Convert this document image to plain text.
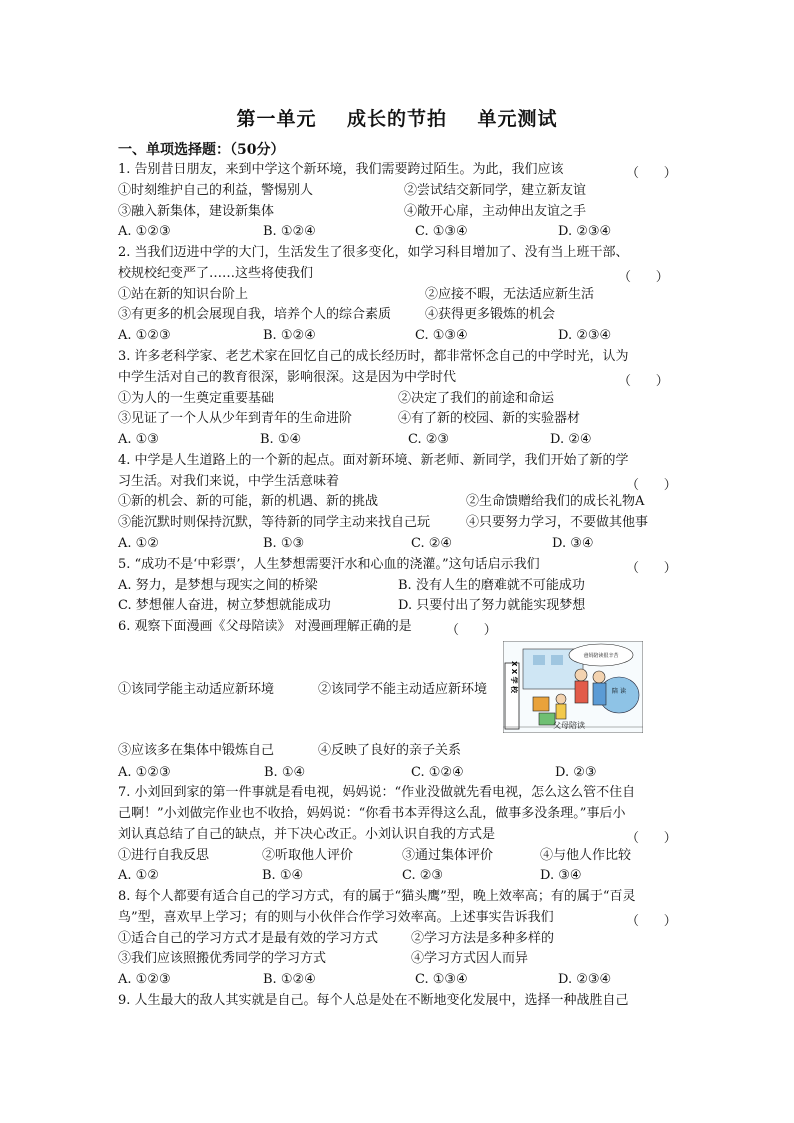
第一单元    成长的节拍    单元测试
一、单项选择题：（50分）
1. 告别昔日朋友，来到中学这个新环境，我们需要跨过陌生。为此，我们应该	（      ）
①时刻维护自己的利益，警惕别人	②尝试结交新同学，建立新友谊
③融入新集体，建设新集体	④敞开心扉，主动伸出友谊之手
A. ①②③	B. ①②④	C. ①③④	D. ②③④
2. 当我们迈进中学的大门，生活发生了很多变化，如学习科目增加了、没有当上班干部、
校规校纪变严了……这些将使我们	（      ）
①站在新的知识台阶上	②应接不暇，无法适应新生活
③有更多的机会展现自我，培养个人的综合素质	④获得更多锻炼的机会
A. ①②③	B. ①②④	C. ①③④	D. ②③④
3. 许多老科学家、老艺术家在回忆自己的成长经历时，都非常怀念自己的中学时光，认为
中学生活对自己的教育很深，影响很深。这是因为中学时代	（      ）
①为人的一生奠定重要基础	②决定了我们的前途和命运
③见证了一个人从少年到青年的生命进阶	④有了新的校园、新的实验器材
A. ①③	B. ①④	C. ②③	D. ②④
4. 中学是人生道路上的一个新的起点。面对新环境、新老师、新同学，我们开始了新的学
习生活。对我们来说，中学生活意味着	（      ）
①新的机会、新的可能，新的机遇、新的挑战	②生命馈赠给我们的成长礼物A
③能沉默时则保持沉默，等待新的同学主动来找自己玩	④只要努力学习，不要做其他事
A. ①②	B. ①③	C. ②④	D. ③④
5. “成功不是‘中彩票’，人生梦想需要汗水和心血的浇灌。”这句话启示我们	（      ）
A. 努力，是梦想与现实之间的桥梁	B. 没有人生的磨难就不可能成功
C. 梦想催人奋进，树立梦想就能成功	D. 只要付出了努力就能实现梦想
6. 观察下面漫画《父母陪读》 对漫画理解正确的是	（      ）
①该同学能主动适应新环境	②该同学不能主动适应新环境	X X 学 校
爸妈陪读很辛苦
陪 读
父母陪读
③应该多在集体中锻炼自己	④反映了良好的亲子关系
A. ①②③	B. ①④	C. ①②④	D. ②③
7. 小刘回到家的第一件事就是看电视，妈妈说：“作业没做就先看电视，怎么这么管不住自
己啊！”小刘做完作业也不收拾，妈妈说：“你看书本弄得这么乱，做事多没条理。”事后小
刘认真总结了自己的缺点，并下决心改正。小刘认识自我的方式是	（      ）
①进行自我反思	②听取他人评价	③通过集体评价	④与他人作比较
A. ①②	B. ①④	C. ②③	D. ③④
8. 每个人都要有适合自己的学习方式，有的属于“猫头鹰”型，晚上效率高；有的属于“百灵
鸟”型，喜欢早上学习；有的则与小伙伴合作学习效率高。上述事实告诉我们	（      ）
①适合自己的学习方式才是最有效的学习方式	②学习方法是多种多样的
③我们应该照搬优秀同学的学习方式	④学习方式因人而异
A. ①②③	B. ①②④	C. ①③④	D. ②③④
9. 人生最大的敌人其实就是自己。每个人总是处在不断地变化发展中，选择一种战胜自己
